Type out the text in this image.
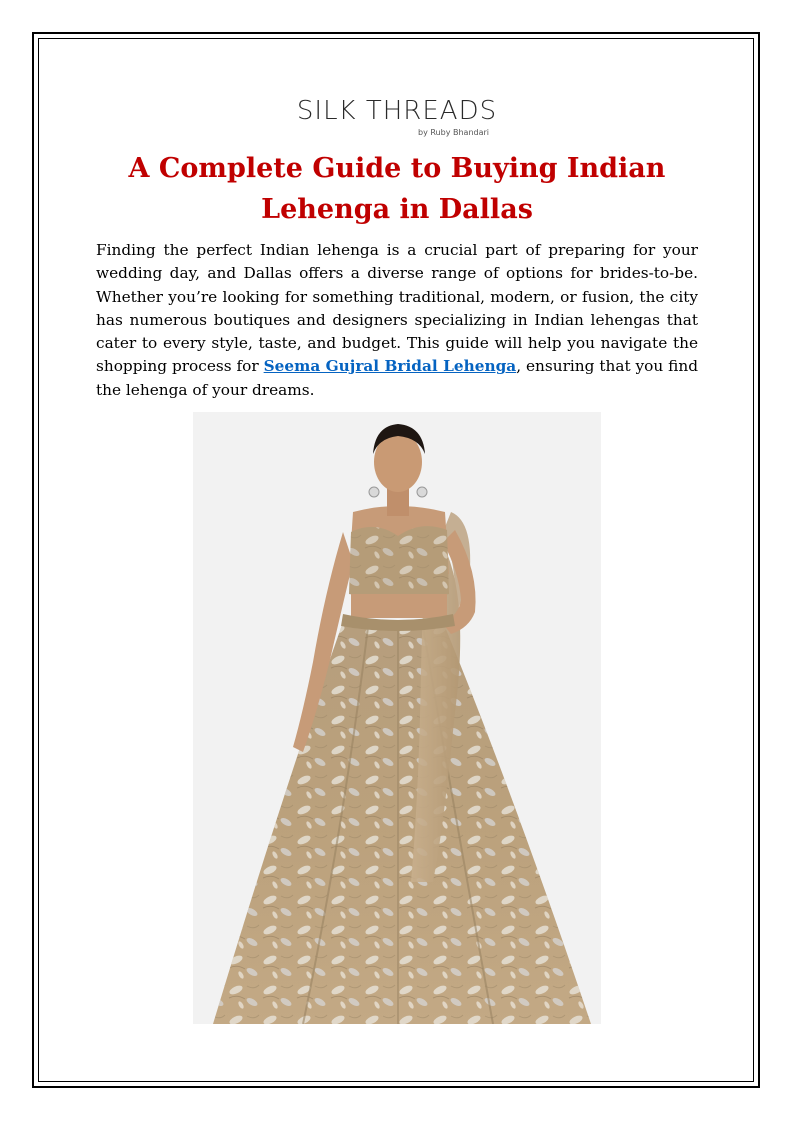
SILK THREADS
by Ruby Bhandari
A Complete Guide to Buying Indian Lehenga in Dallas
Finding the perfect Indian lehenga is a crucial part of preparing for your wedding day, and Dallas offers a diverse range of options for brides-to-be. Whether you’re looking for something traditional, modern, or fusion, the city has numerous boutiques and designers specializing in Indian lehengas that cater to every style, taste, and budget. This guide will help you navigate the shopping process for Seema Gujral Bridal Lehenga, ensuring that you find the lehenga of your dreams.
